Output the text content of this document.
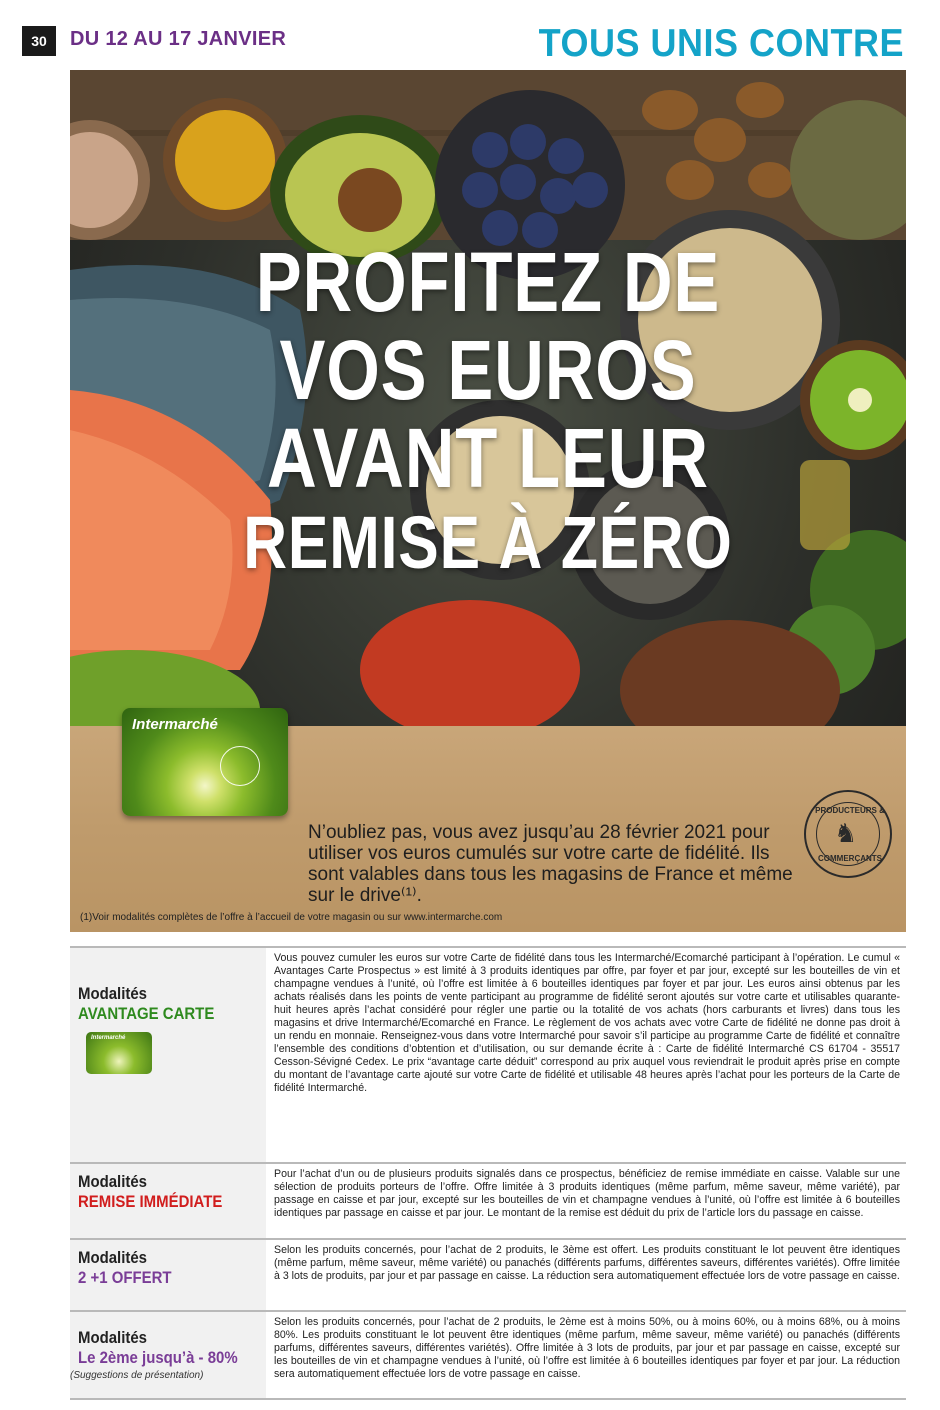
30	DU 12 AU 17 JANVIER	TOUS UNIS CONTRE
PROFITEZ DE
VOS EUROS
AVANT LEUR
REMISE À ZÉRO
N’oubliez pas, vous avez jusqu’au 28 février 2021 pour utiliser vos euros cumulés sur votre carte de fidélité. Ils sont valables dans tous les magasins de France et même sur le drive⁽¹⁾.
(1)Voir modalités complètes de l’offre à l’accueil de votre magasin ou sur www.intermarche.com
Intermarché
PRODUCTEURS &
♞
COMMERÇANTS
Modalités
AVANTAGE CARTE
Intermarché
Vous pouvez cumuler les euros sur votre Carte de fidélité dans tous les Intermarché/Ecomarché participant à l’opération. Le cumul « Avantages Carte Prospectus » est limité à 3 produits identiques par offre, par foyer et par jour, excepté sur les bouteilles de vin et champagne vendues à l’unité, où l’offre est limitée à 6 bouteilles identiques par foyer et par jour. Les euros ainsi obtenus par les achats réalisés dans les points de vente participant au programme de fidélité seront ajoutés sur votre carte et utilisables quarante-huit heures après l’achat considéré pour régler une partie ou la totalité de vos achats (hors carburants et livres) dans tous les magasins et drive Intermarché/Ecomarché en France. Le règlement de vos achats avec votre Carte de fidélité ne donne pas droit à un rendu en monnaie. Renseignez-vous dans votre Intermarché pour savoir s’il participe au programme Carte de fidélité et connaître l’ensemble des conditions d’obtention et d’utilisation, ou sur demande écrite à : Carte de fidélité Intermarché CS 61704 - 35517 Cesson-Sévigné Cedex. Le prix “avantage carte déduit” correspond au prix auquel vous reviendrait le produit après prise en compte du montant de l’avantage carte ajouté sur votre Carte de fidélité et utilisable 48 heures après l’achat pour les porteurs de la Carte de fidélité Intermarché.
Modalités
REMISE IMMÉDIATE
Pour l’achat d’un ou de plusieurs produits signalés dans ce prospectus, bénéficiez de remise immédiate en caisse. Valable sur une sélection de produits porteurs de l’offre. Offre limitée à 3 produits identiques (même parfum, même saveur, même variété), par passage en caisse et par jour, excepté sur les bouteilles de vin et champagne vendues à l’unité, où l’offre est limitée à 6 bouteilles identiques par passage en caisse et par jour. Le montant de la remise est déduit du prix de l’article lors du passage en caisse.
Modalités
2 +1 OFFERT
Selon les produits concernés, pour l’achat de 2 produits, le 3ème est offert. Les produits constituant le lot peuvent être identiques (même parfum, même saveur, même variété) ou panachés (différents parfums, différentes saveurs, différentes variétés). Offre limitée à 3 lots de produits, par jour et par passage en caisse. La réduction sera automatiquement effectuée lors de votre passage en caisse.
Modalités
Le 2ème jusqu’à - 80%
Selon les produits concernés, pour l’achat de 2 produits, le 2ème est à moins 50%, ou à moins 60%, ou à moins 68%, ou à moins 80%. Les produits constituant le lot peuvent être identiques (même parfum, même saveur, même variété) ou panachés (différents parfums, différentes saveurs, différentes variétés). Offre limitée à 3 lots de produits, par jour et par passage en caisse, excepté sur les bouteilles de vin et champagne vendues à l’unité, où l’offre est limitée à 6 bouteilles identiques par foyer et par jour. La réduction sera automatiquement effectuée lors de votre passage en caisse.
(Suggestions de présentation)
